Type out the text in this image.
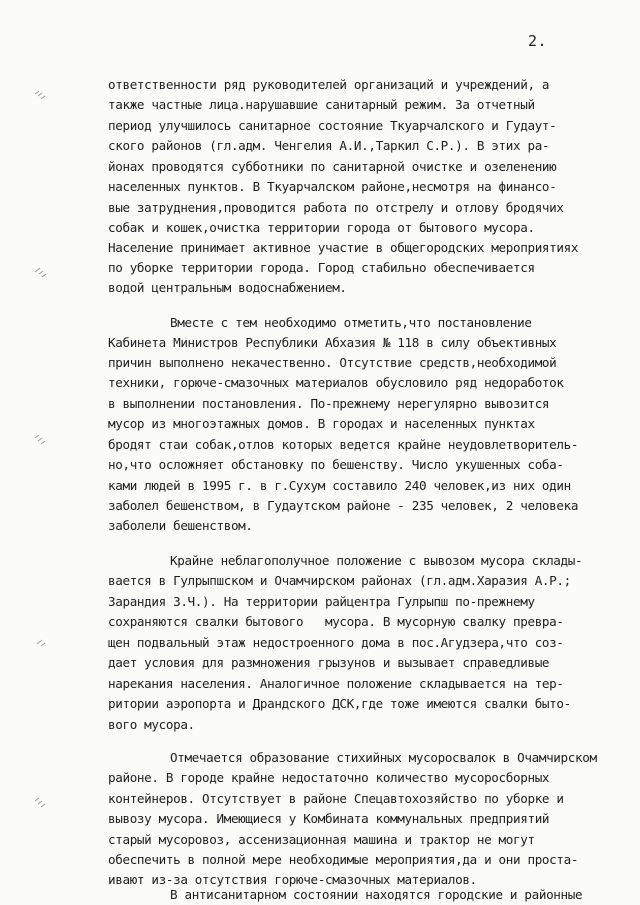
2.
ответственности ряд руководителей организаций и учреждений, а
также частные лица.нарушавшие санитарный режим. За отчетный
период улучшилось санитарное состояние Ткуарчалского и Гудаут-
ского районов (гл.адм. Ченгелия А.И.,Таркил С.Р.). В этих ра-
йонах проводятся субботники по санитарной очистке и озеленению
населенных пунктов. В Ткуарчалском районе,несмотря на финансо-
вые затруднения,проводится работа по отстрелу и отлову бродячих
собак и кошек,очистка территории города от бытового мусора.
Население принимает активное участие в общегородских мероприятиях
по уборке территории города. Город стабильно обеспечивается
водой центральным водоснабжением.
Вместе с тем необходимо отметить,что постановление
Кабинета Министров Республики Абхазия № 118 в силу объективных
причин выполнено некачественно. Отсутствие средств,необходимой
техники, горюче-смазочных материалов обусловило ряд недоработок
в выполнении постановления. По-прежнему нерегулярно вывозится
мусор из многоэтажных домов. В городах и населенных пунктах
бродят стаи собак,отлов которых ведется крайне неудовлетворитель-
но,что осложняет обстановку по бешенству. Число укушенных соба-
ками людей в 1995 г. в г.Сухум составило 240 человек,из них один
заболел бешенством, в Гудаутском районе - 235 человек, 2 человека
заболели бешенством.
Крайне неблагополучное положение с вывозом мусора склады-
вается в Гулрыпшском и Очамчирском районах (гл.адм.Харазия А.Р.;
Зарандия З.Ч.). На территории райцентра Гулрыпш по-прежнему
сохраняются свалки бытового   мусора. В мусорную свалку превра-
щен подвальный этаж недостроенного дома в пос.Агудзера,что соз-
дает условия для размножения грызунов и вызывает справедливые
нарекания населения. Аналогичное положение складывается на тер-
ритории аэропорта и Драндского ДСК,где тоже имеются свалки быто-
вого мусора.
Отмечается образование стихийных мусоросвалок в Очамчирском
районе. В городе крайне недостаточно количество мусоросборных
контейнеров. Отсутствует в районе Спецавтохозяйство по уборке и
вывозу мусора. Имеющиеся у Комбината коммунальных предприятий
старый мусоровоз, ассенизационная машина и трактор не могут
обеспечить в полной мере необходимые мероприятия,да и они проста-
ивают из-за отсутствия горюче-смазочных материалов.
В антисанитарном состоянии находятся городские и районные
